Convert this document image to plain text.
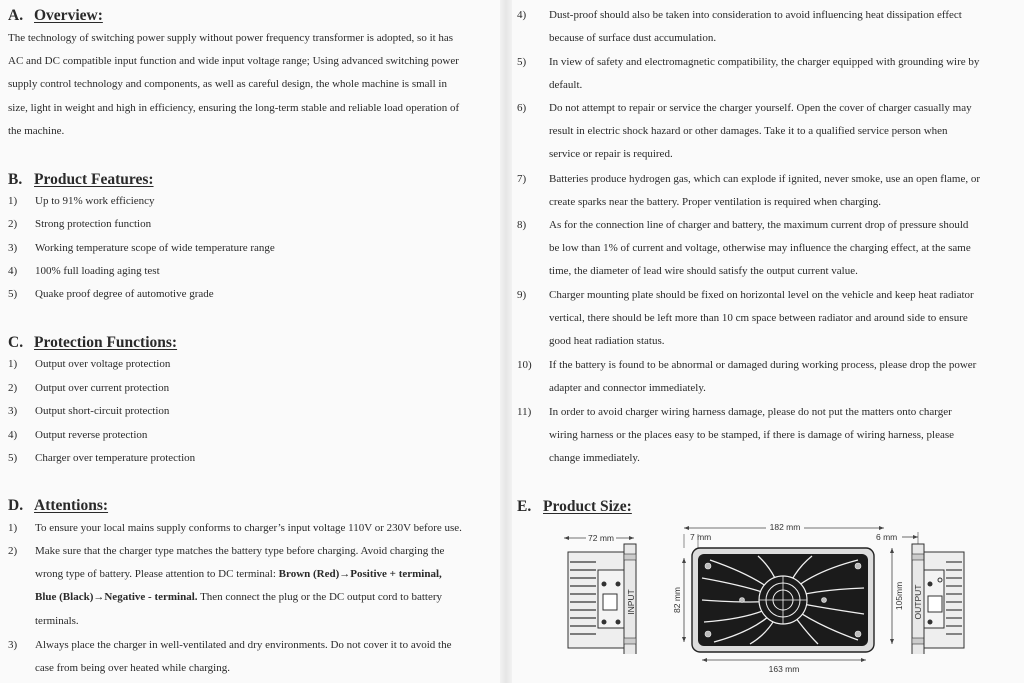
A. Overview:
The technology of switching power supply without power frequency transformer is adopted, so it has
AC and DC compatible input function and wide input voltage range; Using advanced switching power
supply control technology and components, as well as careful design, the whole machine is small in
size, light in weight and high in efficiency, ensuring the long-term stable and reliable load operation of
the machine.
B. Product Features:
1) Up to 91% work efficiency
2) Strong protection function
3) Working temperature scope of wide temperature range
4) 100% full loading aging test
5) Quake proof degree of automotive grade
C. Protection Functions:
1) Output over voltage protection
2) Output over current protection
3) Output short-circuit protection
4) Output reverse protection
5) Charger over temperature protection
D. Attentions:
1) To ensure your local mains supply conforms to charger’s input voltage 110V or 230V before use.
2) Make sure that the charger type matches the battery type before charging. Avoid charging the
wrong type of battery. Please attention to DC terminal: Brown (Red)→Positive + terminal,
Blue (Black)→Negative - terminal. Then connect the plug or the DC output cord to battery
terminals.
3) Always place the charger in well-ventilated and dry environments. Do not cover it to avoid the
case from being over heated while charging.
4) Dust-proof should also be taken into consideration to avoid influencing heat dissipation effect
because of surface dust accumulation.
5) In view of safety and electromagnetic compatibility, the charger equipped with grounding wire by
default.
6) Do not attempt to repair or service the charger yourself. Open the cover of charger casually may
result in electric shock hazard or other damages. Take it to a qualified service person when
service or repair is required.
7) Batteries produce hydrogen gas, which can explode if ignited, never smoke, use an open flame, or
create sparks near the battery. Proper ventilation is required when charging.
8) As for the connection line of charger and battery, the maximum current drop of pressure should
be low than 1% of current and voltage, otherwise may influence the charging effect, at the same
time, the diameter of lead wire should satisfy the output current value.
9) Charger mounting plate should be fixed on horizontal level on the vehicle and keep heat radiator
vertical, there should be left more than 10 cm space between radiator and around side to ensure
good heat radiation status.
10) If the battery is found to be abnormal or damaged during working process, please drop the power
adapter and connector immediately.
11) In order to avoid charger wiring harness damage, please do not put the matters onto charger
wiring harness or the places easy to be stamped, if there is damage of wiring harness, please
change immediately.
E. Product Size:
72 mm
INPUT
182 mm
7 mm
82 mm
163 mm
6 mm
105mm OUTPUT
